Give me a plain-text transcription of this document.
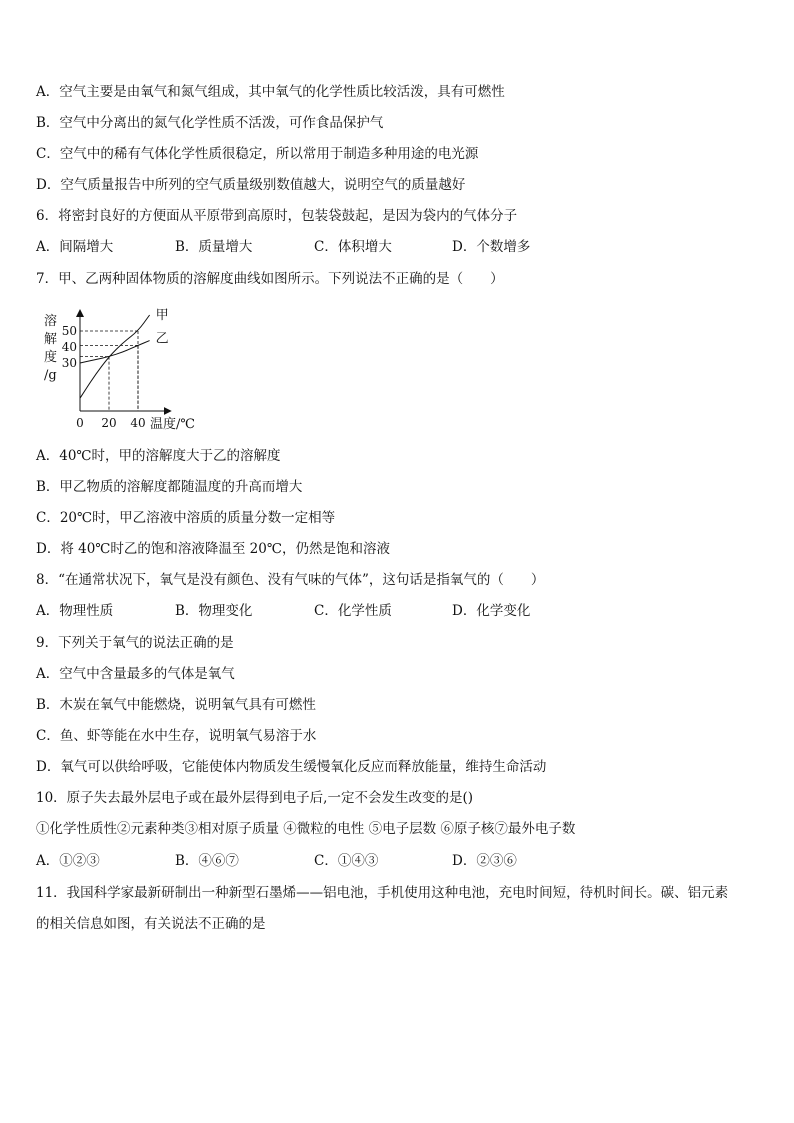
A．空气主要是由氧气和氮气组成，其中氧气的化学性质比较活泼，具有可燃性
B．空气中分离出的氮气化学性质不活泼，可作食品保护气
C．空气中的稀有气体化学性质很稳定，所以常用于制造多种用途的电光源
D．空气质量报告中所列的空气质量级别数值越大，说明空气的质量越好
6．将密封良好的方便面从平原带到高原时，包装袋鼓起，是因为袋内的气体分子
A．间隔增大	B．质量增大	C．体积增大	D．个数增多
7．甲、乙两种固体物质的溶解度曲线如图所示。下列说法不正确的是（　　）
溶
解
度
/g
甲
乙
0 20 40
30
40
50
温度/℃
A．40℃时，甲的溶解度大于乙的溶解度
B．甲乙物质的溶解度都随温度的升高而增大
C．20℃时，甲乙溶液中溶质的质量分数一定相等
D．将 40℃时乙的饱和溶液降温至 20℃，仍然是饱和溶液
8．“在通常状况下，氧气是没有颜色、没有气味的气体”，这句话是指氧气的（　　）
A．物理性质	B．物理变化	C．化学性质	D．化学变化
9．下列关于氧气的说法正确的是
A．空气中含量最多的气体是氧气
B．木炭在氧气中能燃烧，说明氧气具有可燃性
C．鱼、虾等能在水中生存，说明氧气易溶于水
D．氧气可以供给呼吸，它能使体内物质发生缓慢氧化反应而释放能量，维持生命活动
10．原子失去最外层电子或在最外层得到电子后,一定不会发生改变的是()
①化学性质性②元素种类③相对原子质量 ④微粒的电性 ⑤电子层数 ⑥原子核⑦最外电子数
A．①②③	B．④⑥⑦	C．①④③	D．②③⑥
11．我国科学家最新研制出一种新型石墨烯——铝电池，手机使用这种电池，充电时间短，待机时间长。碳、铝元素
的相关信息如图，有关说法不正确的是
